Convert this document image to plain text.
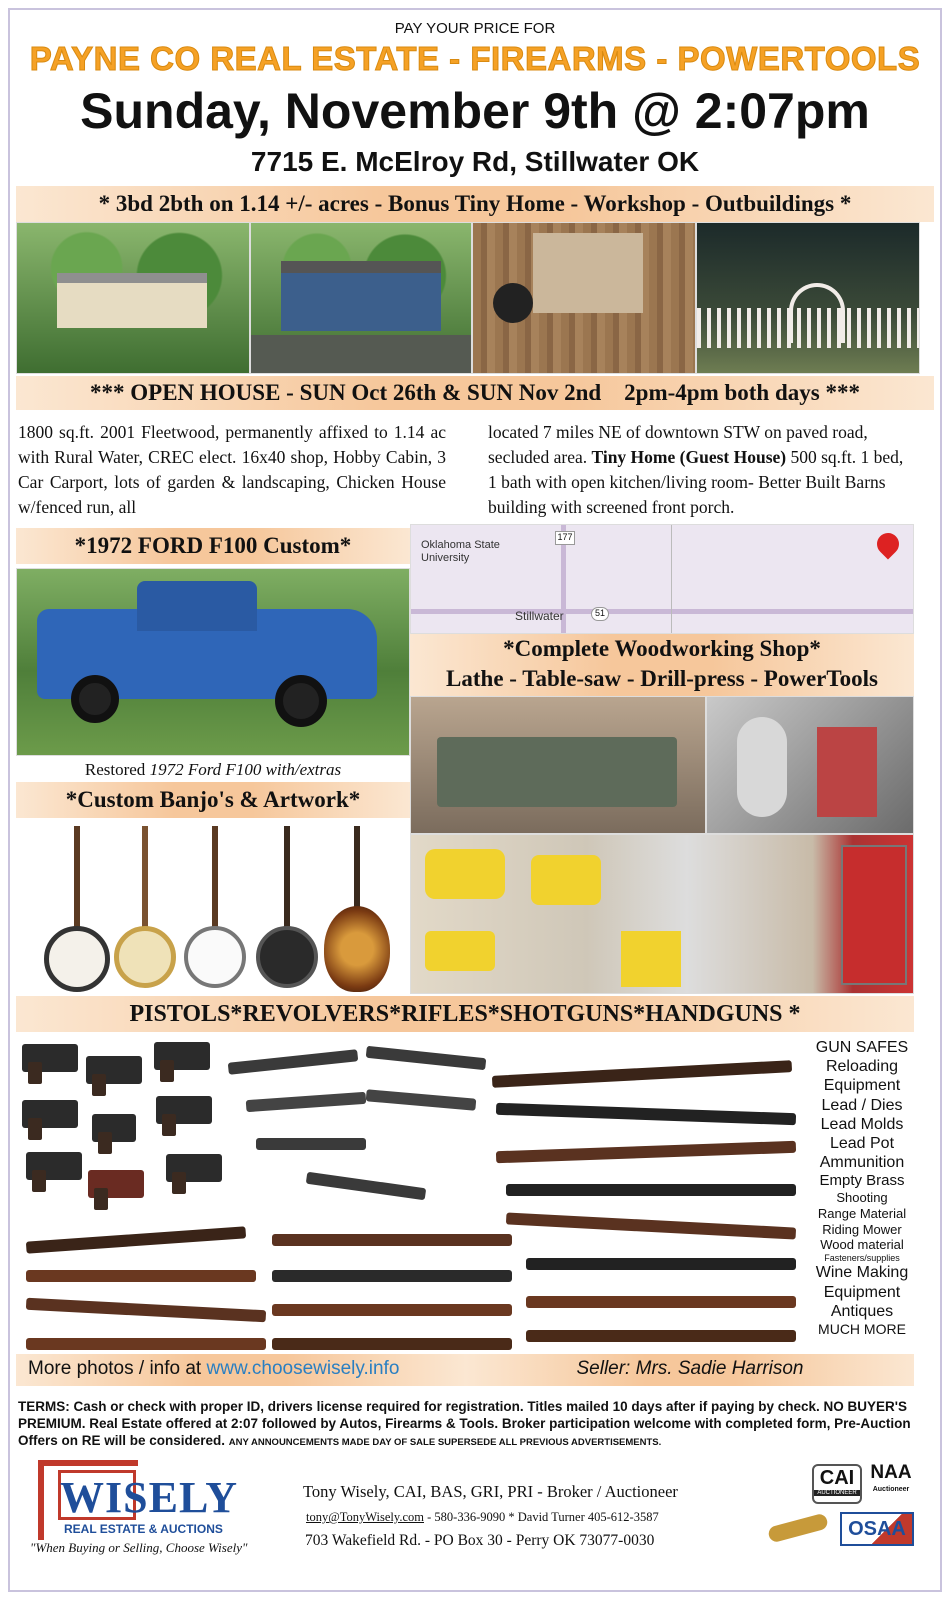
PAY YOUR PRICE FOR
PAYNE CO REAL ESTATE - FIREARMS - POWERTOOLS
Sunday, November 9th @ 2:07pm
7715 E. McElroy Rd, Stillwater OK
* 3bd 2bth on 1.14 +/- acres - Bonus Tiny Home - Workshop - Outbuildings *
*** OPEN HOUSE - SUN Oct 26th & SUN Nov 2nd    2pm-4pm both days ***
1800 sq.ft. 2001 Fleetwood, permanently affixed to 1.14 ac with Rural Water, CREC elect. 16x40 shop, Hobby Cabin, 3 Car Carport, lots of garden & landscaping, Chicken House w/fenced run, all
located 7 miles NE of downtown STW on paved road, secluded area. Tiny Home (Guest House) 500 sq.ft. 1 bed, 1 bath with open kitchen/living room- Better Built Barns building with screened front porch.
*1972 FORD F100 Custom*	Oklahoma State University
Stillwater
177
51
Restored 1972 Ford F100 with/extras
*Custom Banjo's & Artwork*
*Complete Woodworking Shop*
Lathe - Table-saw - Drill-press - PowerTools
PISTOLS*REVOLVERS*RIFLES*SHOTGUNS*HANDGUNS *
GUN SAFES
Reloading
Equipment
Lead / Dies
Lead Molds
Lead Pot
Ammunition
Empty Brass
Shooting
Range Material
Riding Mower
Wood material
Fasteners/supplies
Wine Making
Equipment
Antiques
MUCH MORE
More photos / info at www.choosewisely.info	Seller: Mrs. Sadie Harrison
TERMS: Cash or check with proper ID, drivers license required for registration. Titles mailed 10 days after if paying by check. NO BUYER'S PREMIUM. Real Estate offered at 2:07 followed by Autos, Firearms & Tools. Broker participation welcome with completed form, Pre-Auction Offers on RE will be considered. ANY ANNOUNCEMENTS MADE DAY OF SALE SUPERSEDE ALL PREVIOUS ADVERTISEMENTS.
WISELY
REAL ESTATE & AUCTIONS
"When Buying or Selling, Choose Wisely"
Tony Wisely, CAI, BAS, GRI, PRI - Broker / Auctioneer
tony@TonyWisely.com - 580-336-9090 * David Turner 405-612-3587
703 Wakefield Rd. - PO Box 30 - Perry OK 73077-0030
CAI
AUCTIONEER
NAA
Auctioneer
OSAA
